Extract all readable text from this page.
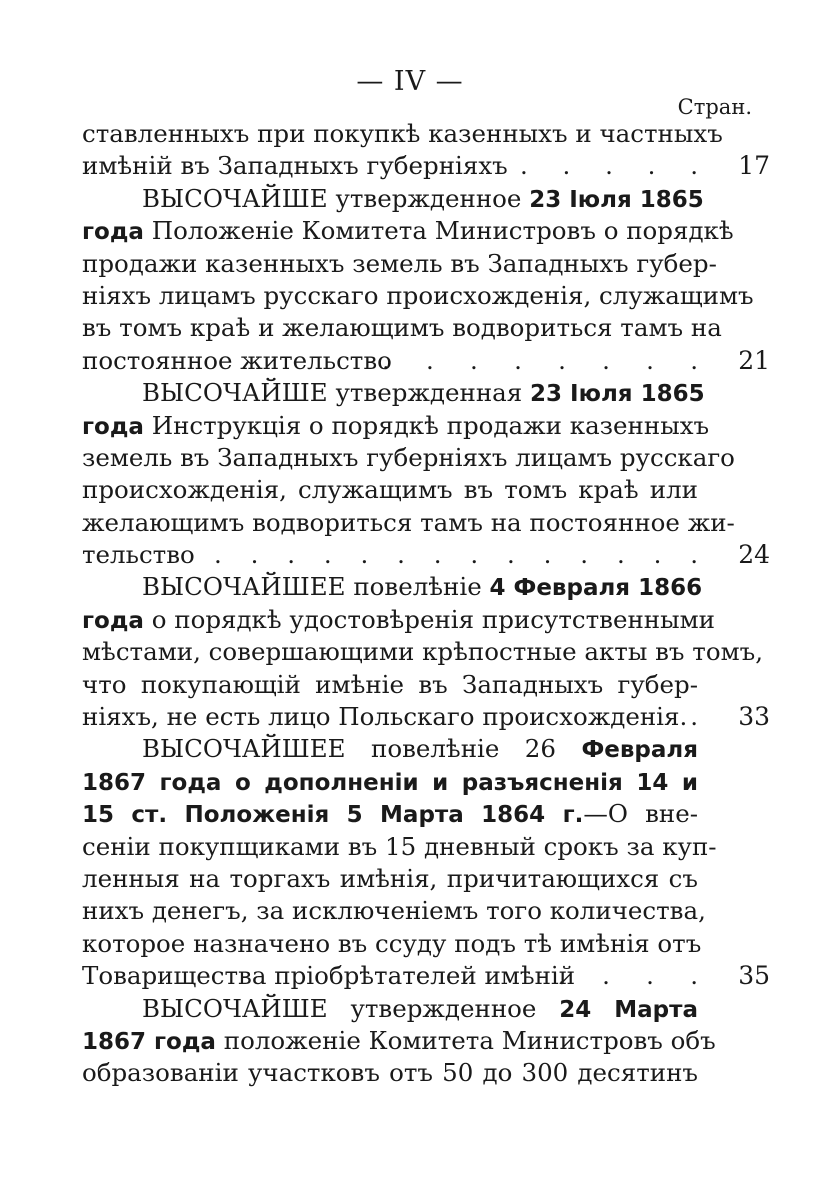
— IV —
Стран.
ставленныхъ при покупкѣ казенныхъ и частныхъ
имѣній въ Западныхъ губерніяхъ . . . . .	17
ВЫСОЧАЙШЕ утвержденное 23 Іюля 1865
года Положеніе Комитета Министровъ о порядкѣ
продажи казенныхъ земель въ Западныхъ губер-
ніяхъ лицамъ русскаго происхожденія, служащимъ
въ томъ краѣ и желающимъ водвориться тамъ на
постоянное жительство
. . . . . . . .	21
ВЫСОЧАЙШЕ утвержденная 23 Іюля 1865
года Инструкція о порядкѣ продажи казенныхъ
земель въ Западныхъ губерніяхъ лицамъ русскаго
происхожденія, служащимъ въ томъ краѣ или
желающимъ водвориться тамъ на постоянное жи-
тельство . . . . . . . . . . . . . .	24
ВЫСОЧАЙШЕЕ повелѣніе 4 Февраля 1866
года о порядкѣ удостовѣренія присутственными
мѣстами, совершающими крѣпостные акты въ томъ,
что покупающій имѣніе въ Западныхъ губер-
ніяхъ, не есть лицо Польскаго происхожденія. .	33
ВЫСОЧАЙШЕЕ повелѣніе 26 Февраля
1867 года о дополненіи и разъясненія 14 и
15 ст. Положенія 5 Марта 1864 г.—О вне-
сеніи покупщиками въ 15 дневный срокъ за куп-
ленныя на торгахъ имѣнія, причитающихся съ
нихъ денегъ, за исключеніемъ того количества,
которое назначено въ ссуду подъ тѣ имѣнія отъ
Товарищества пріобрѣтателей имѣній
. . . .	35
ВЫСОЧАЙШЕ утвержденное 24 Марта
1867 года положеніе Комитета Министровъ объ
образованіи участковъ отъ 50 до 300 десятинъ
